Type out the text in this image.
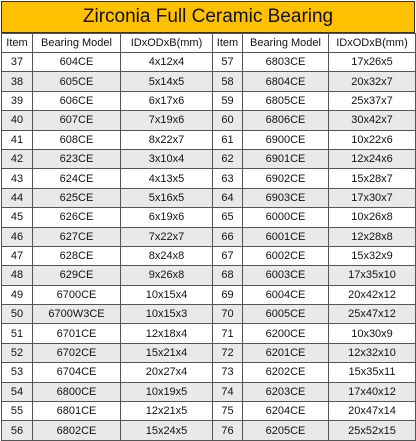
Zirconia Full Ceramic Bearing
Item	Bearing Model	IDxODxB(mm)	Item	Bearing Model	IDxODxB(mm)
37	604CE	4x12x4	57	6803CE	17x26x5
38	605CE	5x14x5	58	6804CE	20x32x7
39	606CE	6x17x6	59	6805CE	25x37x7
40	607CE	7x19x6	60	6806CE	30x42x7
41	608CE	8x22x7	61	6900CE	10x22x6
42	623CE	3x10x4	62	6901CE	12x24x6
43	624CE	4x13x5	63	6902CE	15x28x7
44	625CE	5x16x5	64	6903CE	17x30x7
45	626CE	6x19x6	65	6000CE	10x26x8
46	627CE	7x22x7	66	6001CE	12x28x8
47	628CE	8x24x8	67	6002CE	15x32x9
48	629CE	9x26x8	68	6003CE	17x35x10
49	6700CE	10x15x4	69	6004CE	20x42x12
50	6700W3CE	10x15x3	70	6005CE	25x47x12
51	6701CE	12x18x4	71	6200CE	10x30x9
52	6702CE	15x21x4	72	6201CE	12x32x10
53	6704CE	20x27x4	73	6202CE	15x35x11
54	6800CE	10x19x5	74	6203CE	17x40x12
55	6801CE	12x21x5	75	6204CE	20x47x14
56	6802CE	15x24x5	76	6205CE	25x52x15
